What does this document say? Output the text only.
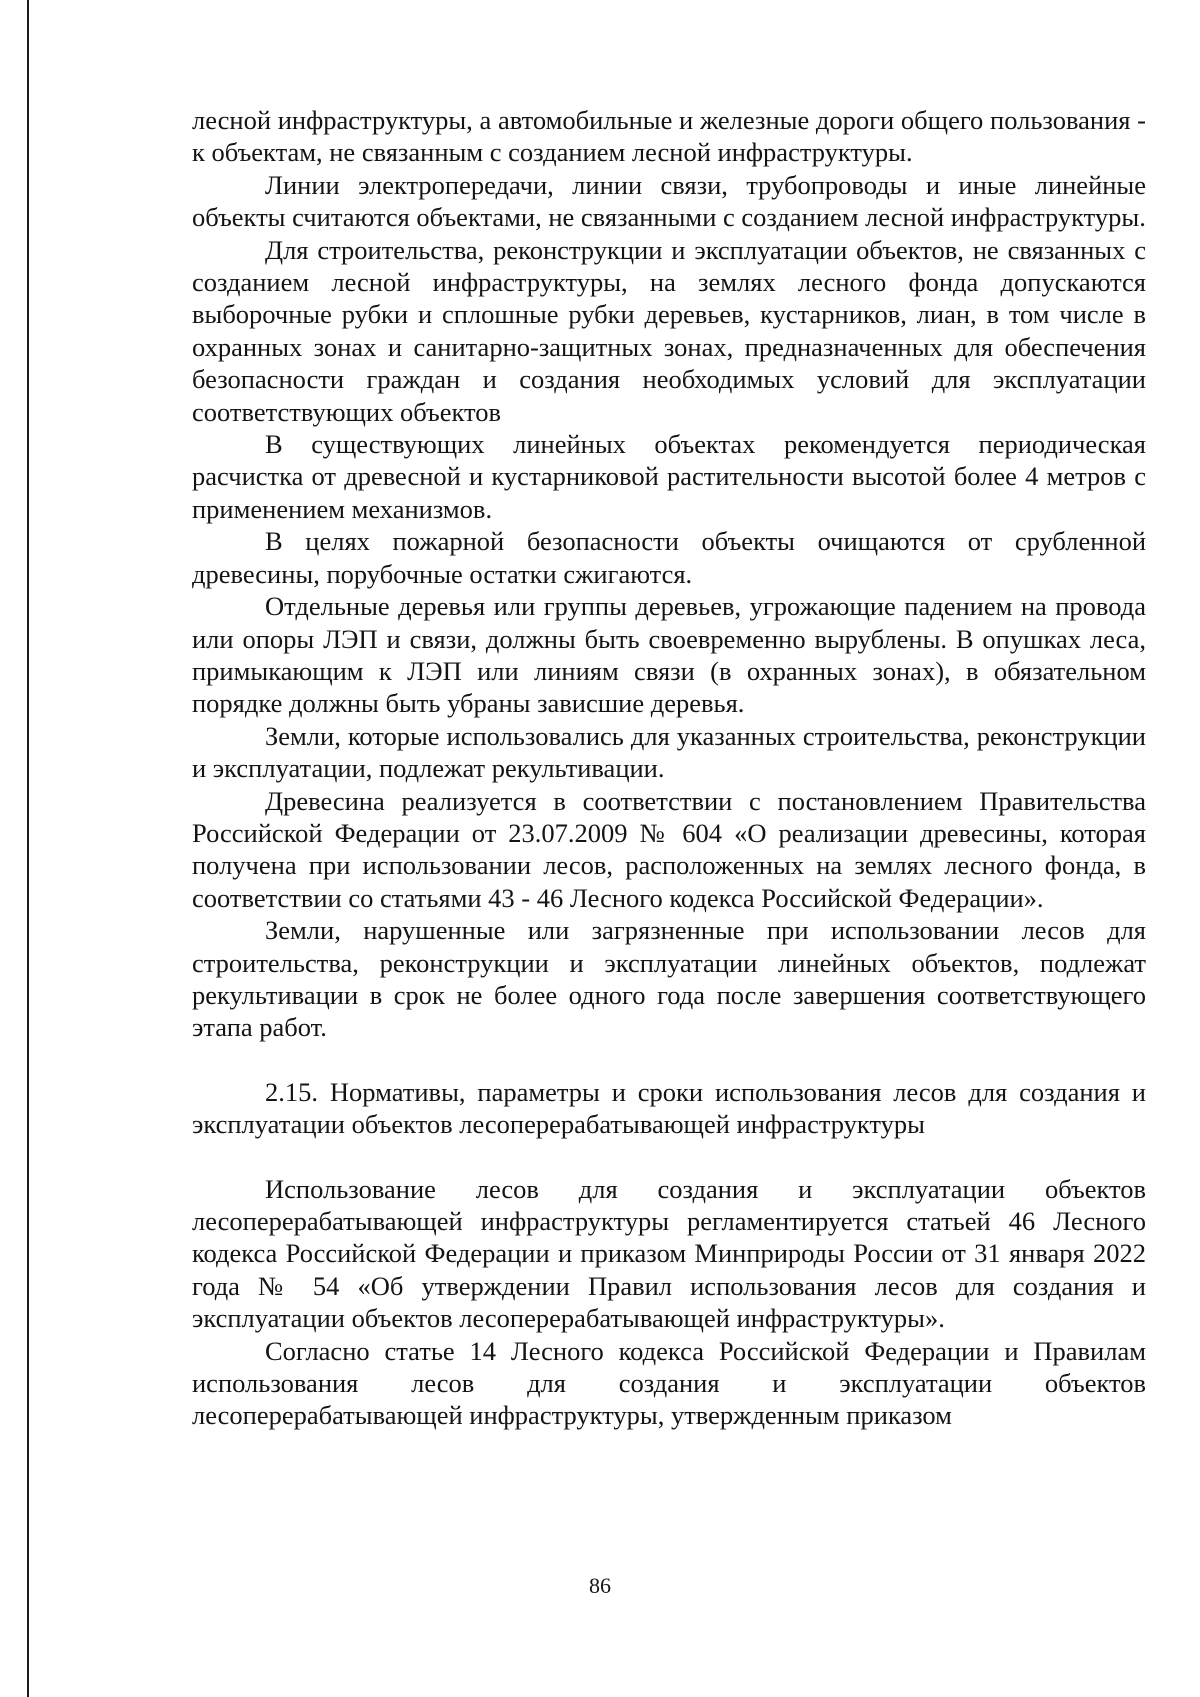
лесной инфраструктуры, а автомобильные и железные дороги общего пользования - к объектам, не связанным с созданием лесной инфраструктуры.

Линии электропередачи, линии связи, трубопроводы и иные линейные объекты считаются объектами, не связанными с созданием лесной инфраструктуры.

Для строительства, реконструкции и эксплуатации объектов, не связанных с созданием лесной инфраструктуры, на землях лесного фонда допускаются выборочные рубки и сплошные рубки деревьев, кустарников, лиан, в том числе в охранных зонах и санитарно-защитных зонах, предназначенных для обеспечения безопасности граждан и создания необходимых условий для эксплуатации соответствующих объектов

В существующих линейных объектах рекомендуется периодическая расчистка от древесной и кустарниковой растительности высотой более 4 метров с применением механизмов.

В целях пожарной безопасности объекты очищаются от срубленной древесины, порубочные остатки сжигаются.

Отдельные деревья или группы деревьев, угрожающие падением на провода или опоры ЛЭП и связи, должны быть своевременно вырублены. В опушках леса, примыкающим к ЛЭП или линиям связи (в охранных зонах), в обязательном порядке должны быть убраны зависшие деревья.

Земли, которые использовались для указанных строительства, реконструкции и эксплуатации, подлежат рекультивации.

Древесина реализуется в соответствии с постановлением Правительства Российской Федерации от 23.07.2009 № 604 «О реализации древесины, которая получена при использовании лесов, расположенных на землях лесного фонда, в соответствии со статьями 43 - 46 Лесного кодекса Российской Федерации».

Земли, нарушенные или загрязненные при использовании лесов для строительства, реконструкции и эксплуатации линейных объектов, подлежат рекультивации в срок не более одного года после завершения соответствующего этапа работ.

2.15. Нормативы, параметры и сроки использования лесов для создания и эксплуатации объектов лесоперерабатывающей инфраструктуры

Использование лесов для создания и эксплуатации объектов лесоперерабатывающей инфраструктуры регламентируется статьей 46 Лесного кодекса Российской Федерации и приказом Минприроды России от 31 января 2022 года № 54 «Об утверждении Правил использования лесов для создания и эксплуатации объектов лесоперерабатывающей инфраструктуры».

Согласно статье 14 Лесного кодекса Российской Федерации и Правилам использования лесов для создания и эксплуатации объектов лесоперерабатывающей инфраструктуры, утвержденным приказом

86
